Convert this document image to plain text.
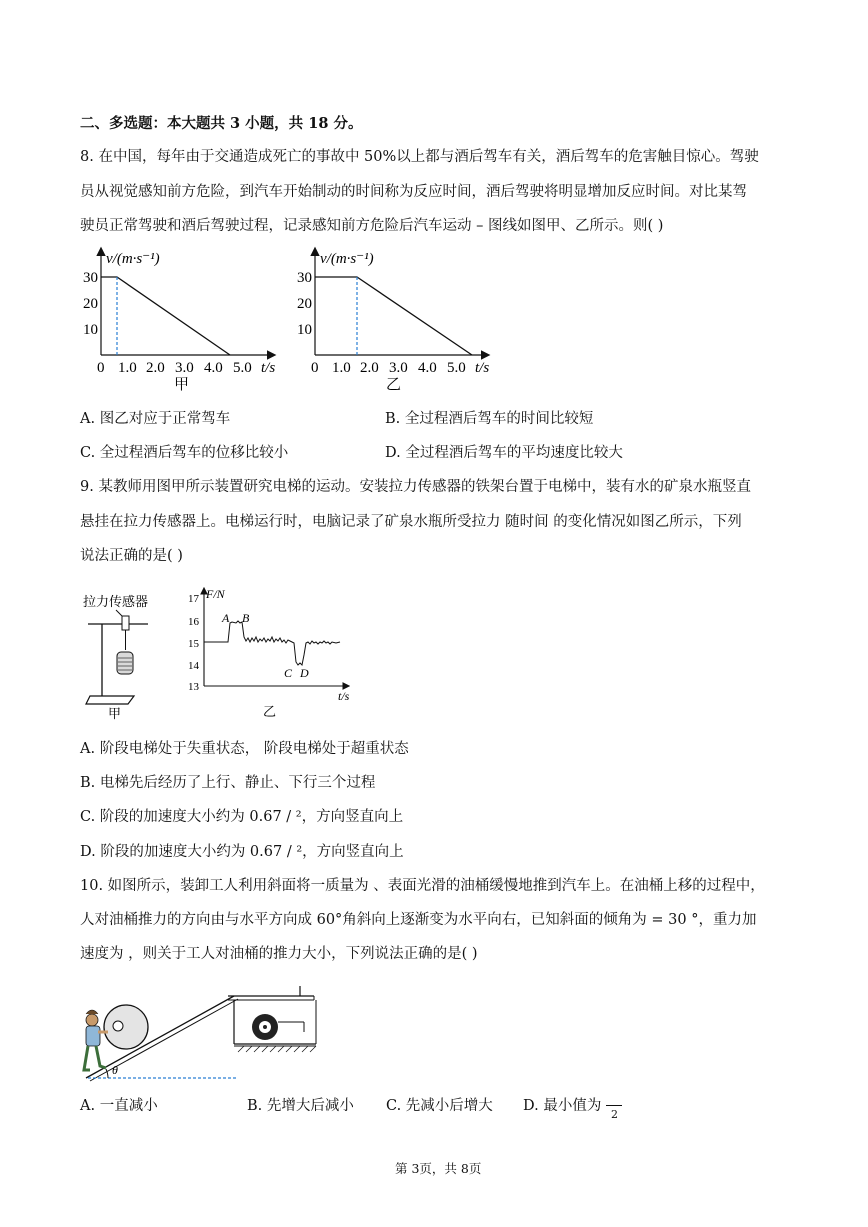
二、多选题：本大题共 3 小题，共 18 分。
8. 在中国，每年由于交通造成死亡的事故中 50%以上都与酒后驾车有关，酒后驾车的危害触目惊心。驾驶
员从视觉感知前方危险，到汽车开始制动的时间称为反应时间，酒后驾驶将明显增加反应时间。对比某驾
驶员正常驾驶和酒后驾驶过程，记录感知前方危险后汽车运动 – 图线如图甲、乙所示。则( )
v/(m·s⁻¹)
30
20
10
0 1.0 2.0 3.0 4.0 5.0 t/s
甲
v/(m·s⁻¹)
30
20
10
0 1.0 2.0 3.0 4.0 5.0 t/s
乙
A. 图乙对应于正常驾车	B. 全过程酒后驾车的时间比较短
C. 全过程酒后驾车的位移比较小	D. 全过程酒后驾车的平均速度比较大
9. 某教师用图甲所示装置研究电梯的运动。安装拉力传感器的铁架台置于电梯中，装有水的矿泉水瓶竖直
悬挂在拉力传感器上。电梯运行时，电脑记录了矿泉水瓶所受拉力 随时间 的变化情况如图乙所示，下列
说法正确的是( )
拉力传感器
甲
F/N
17
16
15
14
13
A B
C D
t/s
乙
A. 阶段电梯处于失重状态， 阶段电梯处于超重状态
B. 电梯先后经历了上行、静止、下行三个过程
C. 阶段的加速度大小约为 0.67 / ²，方向竖直向上
D. 阶段的加速度大小约为 0.67 / ²，方向竖直向上
10. 如图所示，装卸工人利用斜面将一质量为 、表面光滑的油桶缓慢地推到汽车上。在油桶上移的过程中，
人对油桶推力的方向由与水平方向成 60°角斜向上逐渐变为水平向右，已知斜面的倾角为 = 30 °，重力加
速度为 ，则关于工人对油桶的推力大小，下列说法正确的是( )
θ
A. 一直减小	B. 先增大后减小 C. 先减小后增大 D. 最小值为
2
第 3页，共 8页
